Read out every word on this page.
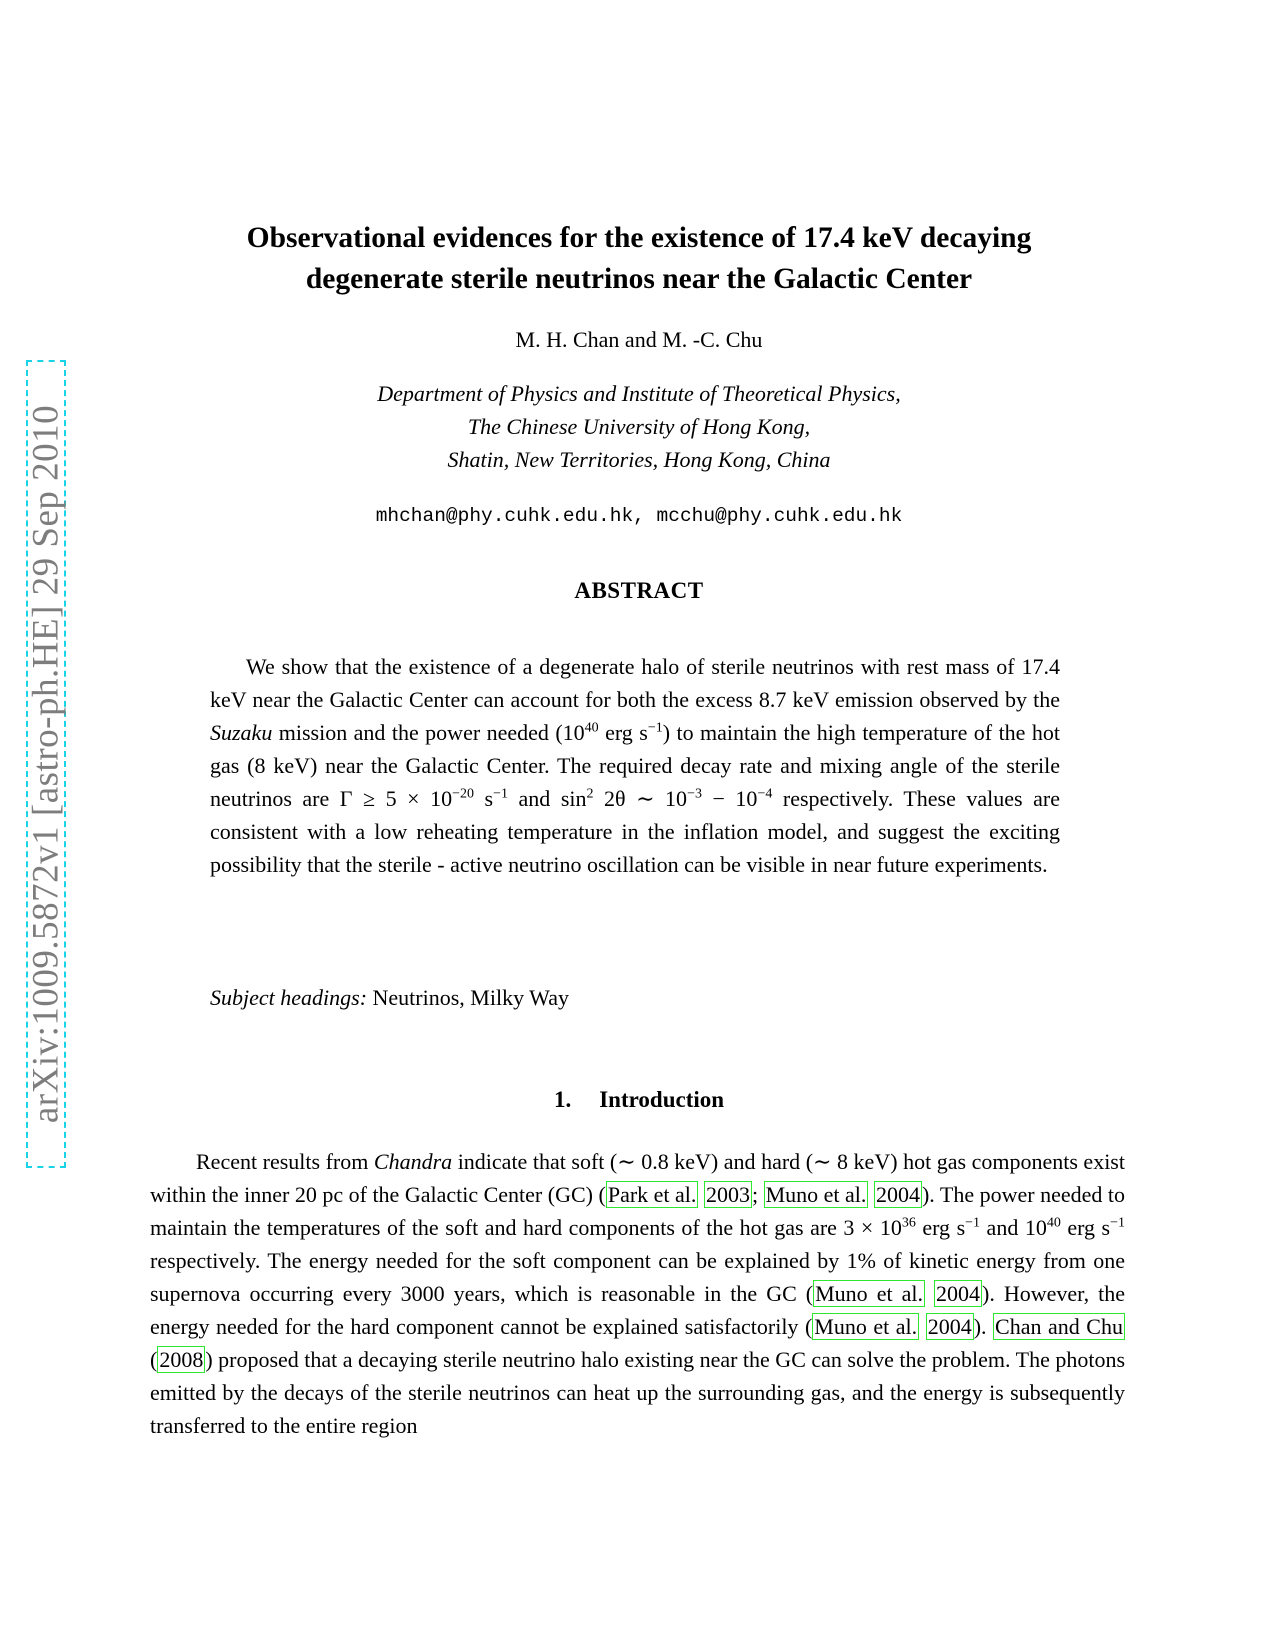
arXiv:1009.5872v1 [astro-ph.HE] 29 Sep 2010
Observational evidences for the existence of 17.4 keV decaying
degenerate sterile neutrinos near the Galactic Center
M. H. Chan and M. -C. Chu
Department of Physics and Institute of Theoretical Physics,
The Chinese University of Hong Kong,
Shatin, New Territories, Hong Kong, China
mhchan@phy.cuhk.edu.hk, mcchu@phy.cuhk.edu.hk
ABSTRACT

We show that the existence of a degenerate halo of sterile neutrinos with rest mass of 17.4 keV near the Galactic Center can account for both the excess 8.7 keV emission observed by the Suzaku mission and the power needed ($10^{40}$ erg $s^{-1}$) to maintain the high temperature of the hot gas (8 keV) near the Galactic Center. The required decay rate and mixing angle of the sterile neutrinos are $\Gamma \ge 5 \times 10^{-20}$ $s^{-1}$ and $\sin^2 2\theta$ ∼ $10^{-3} - 10^{-4}$ respectively. These values are consistent with a low reheating temperature in the inflation model, and suggest the exciting possibility that the sterile - active neutrino oscillation can be visible in near future experiments.

Subject headings: Neutrinos, Milky Way
1. Introduction

Recent results from Chandra indicate that soft (∼ 0.8 keV) and hard (∼ 8 keV) hot gas components exist within the inner 20 pc of the Galactic Center (GC) (Park et al. 2003; Muno et al. 2004). The power needed to maintain the temperatures of the soft and hard components of the hot gas are $3 \times 10^{36}$ erg $s^{-1}$ and $10^{40}$ erg $s^{-1}$ respectively. The energy needed for the soft component can be explained by 1% of kinetic energy from one supernova occurring every 3000 years, which is reasonable in the GC (Muno et al. 2004). However, the energy needed for the hard component cannot be explained satisfactorily (Muno et al. 2004). Chan and Chu (2008) proposed that a decaying sterile neutrino halo existing near the GC can solve the problem. The photons emitted by the decays of the sterile neutrinos can heat up the surrounding gas, and the energy is subsequently transferred to the entire region
